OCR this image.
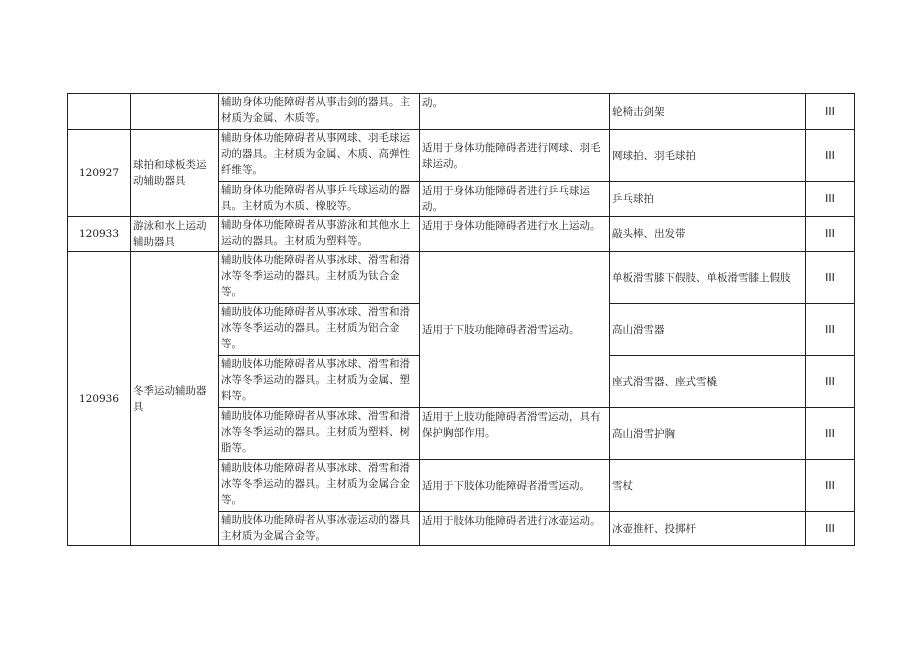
		辅助身体功能障碍者从事击剑的器具。主材质为金属、木质等。	动。	轮椅击剑架	III
120927	球拍和球板类运动辅助器具	辅助身体功能障碍者从事网球、羽毛球运动的器具。主材质为金属、木质、高弹性纤维等。	适用于身体功能障碍者进行网球、羽毛球运动。	网球拍、羽毛球拍	III
		辅助身体功能障碍者从事乒乓球运动的器具。主材质为木质、橡胶等。	适用于身体功能障碍者进行乒乓球运动。	乒乓球拍	III
120933	游泳和水上运动辅助器具	辅助身体功能障碍者从事游泳和其他水上运动的器具。主材质为塑料等。	适用于身体功能障碍者进行水上运动。	敲头棒、出发带	III
120936	冬季运动辅助器具	辅助肢体功能障碍者从事冰球、滑雪和滑冰等冬季运动的器具。主材质为钛合金等。	适用于下肢功能障碍者滑雪运动。	单板滑雪膝下假肢、单板滑雪膝上假肢	III
		辅助肢体功能障碍者从事冰球、滑雪和滑冰等冬季运动的器具。主材质为铝合金等。		高山滑雪器	III
		辅助肢体功能障碍者从事冰球、滑雪和滑冰等冬季运动的器具。主材质为金属、塑料等。		座式滑雪器、座式雪橇	III
		辅助肢体功能障碍者从事冰球、滑雪和滑冰等冬季运动的器具。主材质为塑料、树脂等。	适用于上肢功能障碍者滑雪运动，具有保护胸部作用。	高山滑雪护胸	III
		辅助肢体功能障碍者从事冰球、滑雪和滑冰等冬季运动的器具。主材质为金属合金等。	适用于下肢体功能障碍者滑雪运动。	雪杖	III
		辅助肢体功能障碍者从事冰壶运动的器具主材质为金属合金等。	适用于肢体功能障碍者进行冰壶运动。	冰壶推杆、投掷杆	III
